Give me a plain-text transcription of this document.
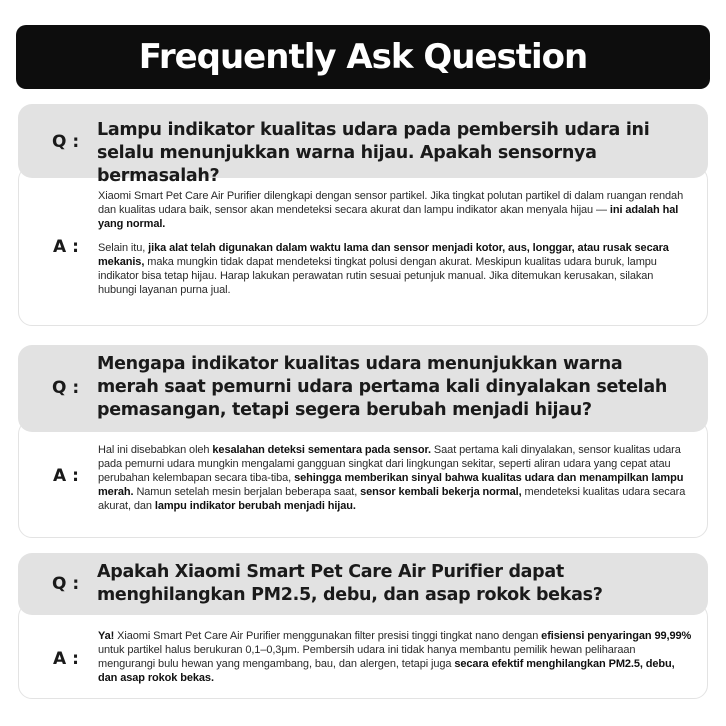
Frequently Ask Question
A :

Xiaomi Smart Pet Care Air Purifier dilengkapi dengan sensor partikel. Jika tingkat polutan partikel di dalam ruangan rendah dan kualitas udara baik, sensor akan mendeteksi secara akurat dan lampu indikator akan menyala hijau — ini adalah hal yang normal.

Selain itu, jika alat telah digunakan dalam waktu lama dan sensor menjadi kotor, aus, longgar, atau rusak secara mekanis, maka mungkin tidak dapat mendeteksi tingkat polusi dengan akurat. Meskipun kualitas udara buruk, lampu indikator bisa tetap hijau. Harap lakukan perawatan rutin sesuai petunjuk manual. Jika ditemukan kerusakan, silakan hubungi layanan purna jual.

Q :
Lampu indikator kualitas udara pada pembersih udara ini selalu menunjukkan warna hijau. Apakah sensornya bermasalah?
A :

Hal ini disebabkan oleh kesalahan deteksi sementara pada sensor. Saat pertama kali dinyalakan, sensor kualitas udara pada pemurni udara mungkin mengalami gangguan singkat dari lingkungan sekitar, seperti aliran udara yang cepat atau perubahan kelembapan secara tiba-tiba, sehingga memberikan sinyal bahwa kualitas udara dan menampilkan lampu merah. Namun setelah mesin berjalan beberapa saat, sensor kembali bekerja normal, mendeteksi kualitas udara secara akurat, dan lampu indikator berubah menjadi hijau.

Q :
Mengapa indikator kualitas udara menunjukkan warna merah saat pemurni udara pertama kali dinyalakan setelah pemasangan, tetapi segera berubah menjadi hijau?
A :

Ya! Xiaomi Smart Pet Care Air Purifier menggunakan filter presisi tinggi tingkat nano dengan efisiensi penyaringan 99,99% untuk partikel halus berukuran 0,1–0,3μm. Pembersih udara ini tidak hanya membantu pemilik hewan peliharaan mengurangi bulu hewan yang mengambang, bau, dan alergen, tetapi juga secara efektif menghilangkan PM2.5, debu, dan asap rokok bekas.

Q :
Apakah Xiaomi Smart Pet Care Air Purifier dapat menghilangkan PM2.5, debu, dan asap rokok bekas?
